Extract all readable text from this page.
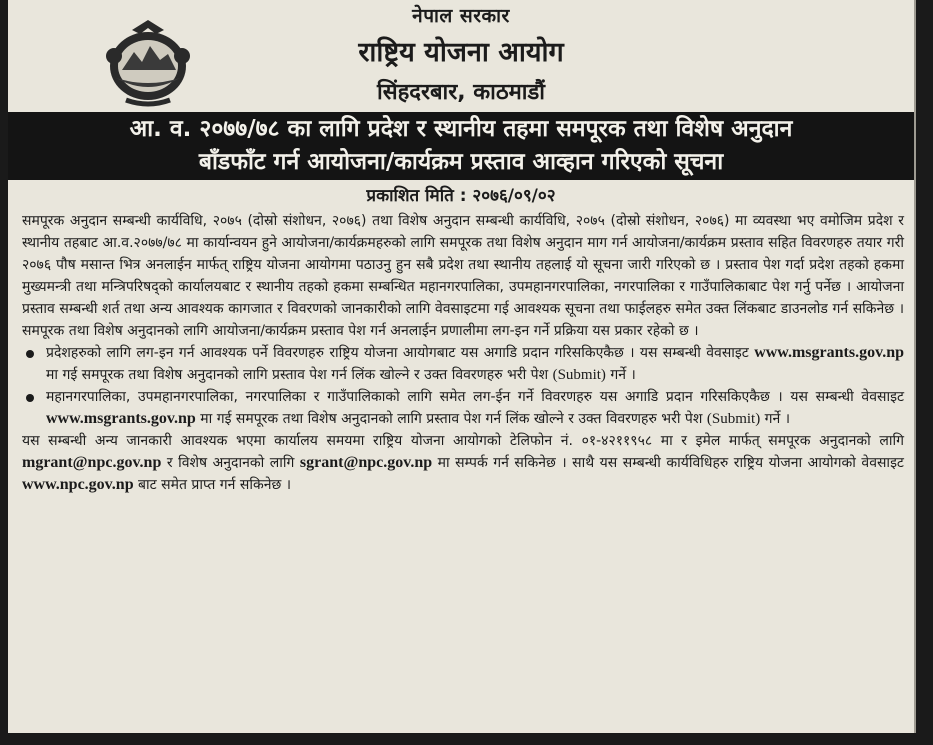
नेपाल सरकार
राष्ट्रिय योजना आयोग
सिंहदरबार, काठमाडौं
आ. व. २०७७/७८ का लागि प्रदेश र स्थानीय तहमा समपूरक तथा विशेष अनुदान
बाँडफाँट गर्न आयोजना/कार्यक्रम प्रस्ताव आव्हान गरिएको सूचना
प्रकाशित मिति : २०७६/०९/०२

समपूरक अनुदान सम्बन्धी कार्यविधि, २०७५ (दोस्रो संशोधन, २०७६) तथा विशेष अनुदान सम्बन्धी कार्यविधि, २०७५ (दोस्रो संशोधन, २०७६) मा व्यवस्था भए वमोजिम प्रदेश र स्थानीय तहबाट आ.व.२०७७/७८ मा कार्यान्वयन हुने आयोजना/कार्यक्रमहरुको लागि समपूरक तथा विशेष अनुदान माग गर्न आयोजना/कार्यक्रम प्रस्ताव सहित विवरणहरु तयार गरी २०७६ पौष मसान्त भित्र अनलाईन मार्फत् राष्ट्रिय योजना आयोगमा पठाउनु हुन सबै प्रदेश तथा स्थानीय तहलाई यो सूचना जारी गरिएको छ । प्रस्ताव पेश गर्दा प्रदेश तहको हकमा मुख्यमन्त्री तथा मन्त्रिपरिषद्को कार्यालयबाट र स्थानीय तहको हकमा सम्बन्धित महानगरपालिका, उपमहानगरपालिका, नगरपालिका र गाउँपालिकाबाट पेश गर्नु पर्नेछ । आयोजना प्रस्ताव सम्बन्धी शर्त तथा अन्य आवश्यक कागजात र विवरणको जानकारीको लागि वेवसाइटमा गई आवश्यक सूचना तथा फाईलहरु समेत उक्त लिंकबाट डाउनलोड गर्न सकिनेछ । समपूरक तथा विशेष अनुदानको लागि आयोजना/कार्यक्रम प्रस्ताव पेश गर्न अनलाईन प्रणालीमा लग-इन गर्ने प्रक्रिया यस प्रकार रहेको छ ।

प्रदेशहरुको लागि लग-इन गर्न आवश्यक पर्ने विवरणहरु राष्ट्रिय योजना आयोगबाट यस अगाडि प्रदान गरिसकिएकैछ । यस सम्बन्धी वेवसाइट www.msgrants.gov.np मा गई समपूरक तथा विशेष अनुदानको लागि प्रस्ताव पेश गर्न लिंक खोल्ने र उक्त विवरणहरु भरी पेश (Submit) गर्ने ।
महानगरपालिका, उपमहानगरपालिका, नगरपालिका र गाउँपालिकाको लागि समेत लग-ईन गर्ने विवरणहरु यस अगाडि प्रदान गरिसकिएकैछ । यस सम्बन्धी वेवसाइट www.msgrants.gov.np मा गई समपूरक तथा विशेष अनुदानको लागि प्रस्ताव पेश गर्न लिंक खोल्ने र उक्त विवरणहरु भरी पेश (Submit) गर्ने ।

यस सम्बन्धी अन्य जानकारी आवश्यक भएमा कार्यालय समयमा राष्ट्रिय योजना आयोगको टेलिफोन नं. ०१-४२११९५८ मा र इमेल मार्फत् समपूरक अनुदानको लागि mgrant@npc.gov.np र विशेष अनुदानको लागि sgrant@npc.gov.np मा सम्पर्क गर्न सकिनेछ । साथै यस सम्बन्धी कार्यविधिहरु राष्ट्रिय योजना आयोगको वेवसाइट www.npc.gov.np बाट समेत प्राप्त गर्न सकिनेछ ।
